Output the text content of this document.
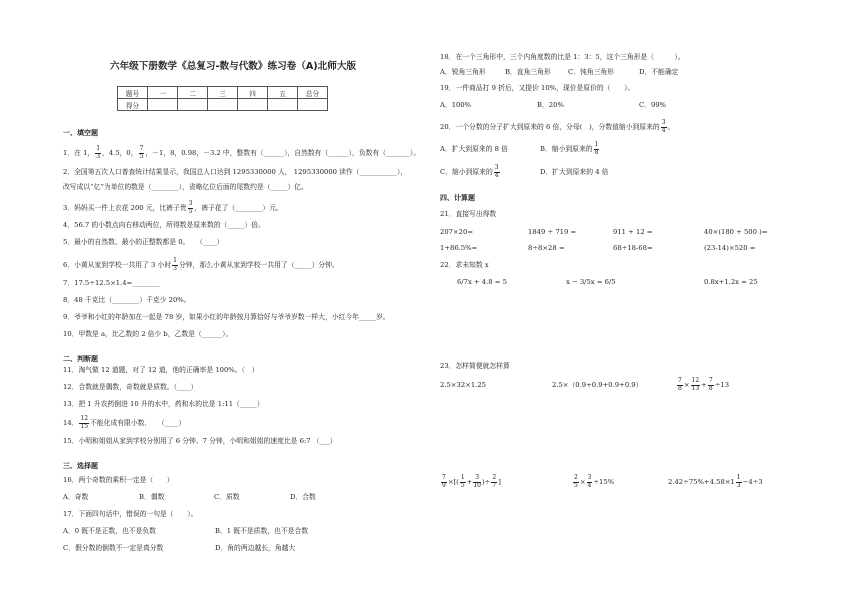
六年级下册数学《总复习-数与代数》练习卷（A)北师大版
题号	一	二	三	四	五	总分
得分						
一、填空题
1．在 1， $\frac{1}{3}$ ，4.5，0， $\frac{7}{5}$ ，－1，8，0.98，－3.2 中，整数有（______），自然数有（______），负数有（_______）。
2．全国第五次人口普查统计结果显示，我国总人口达到 1295330000 人， 1295330000 读作（___________），
改写成以“亿”为单位的数是（________），省略亿位后面的尾数约是（_____）亿。
3．妈妈买一件上衣花 200 元，比裤子贵 $\frac{3}{5}$ ，裤子花了（________）元。
4．56.7 的小数点向右移动两位，所得数是原来数的（_____）倍。
5．最小的自然数、最小的正整数都是 0。　　（____）
6．小黄从家到学校一共用了 3 小时 $\frac{1}{3}$ 分钟，那么小黄从家到学校一共用了（_____）分钟。
7．17.5÷12.5×1.4=________
8．48 千克比（________）千克少 20%。
9．爷爷和小红的年龄加在一起是 78 岁，如果小红的年龄按月算恰好与爷爷岁数一样大，小红今年_____岁。
10．甲数是 a，比乙数的 2 倍少 b，乙数是（______）。
二、判断题
11．淘气做 12 道题，对了 12 道，他的正确率是 100%。（　）
12．合数就是偶数，奇数就是质数。（____）
13．把 1 升农药倒进 10 升的水中，药和水的比是 1:11（_____）
14． $\frac{12}{15}$ 不能化成有限小数．　　（____）
15．小明和姐姐从家到学校分别用了 6 分钟、7 分钟，小明和姐姐的速度比是 6:7 （___）
三、选择题
16．两个奇数的乘积一定是（　　）
A．奇数	B．偶数	C．质数	D．合数
17．下面四句话中，错误的一句是（　　）。
A．0 既不是正数，也不是负数	B．1 既不是质数，也不是合数
C．假分数的倒数不一定是真分数	D．角的两边越长，角越大
18．在一个三角形中，三个内角度数的比是 1：3：5，这个三角形是（　　　）。
A．锐角三角形	B．直角三角形	C．钝角三角形	D．不能确定
19．一件商品打 9 折后，又提价 10%，现价是原价的（　　）。
A．100%	B．20%	C．99%
20．一个分数的分子扩大到原来的 6 倍，分母(　)，分数值缩小到原来的 $\frac{3}{4}$ 。
A．扩大到原来的 8 倍	B．缩小到原来的 $\frac{1}{8}$
C．缩小到原来的 $\frac{3}{4}$	D．扩大到原来的 4 倍
四、计算题
21．直接写出得数
207×20=	1849 ÷ 719 =	911 + 12 =	40×(180 + 500 )=
1+86.5%=	8÷8×28 =	68÷18-68=	(23-14)×520 =
22．求未知数 x
6/7x + 4.8 = 5	x − 3/5x = 6/5	0.8x+1.2x = 25
23．怎样简便就怎样算
2.5×32×1.25	2.5×（0.9+0.9+0.9+0.9）	$\frac{7}{8} \times \frac{12}{13} + \frac{7}{8} \div 13$
$\frac{7}{9}$ ×[( $\frac{1}{5} + \frac{3}{10}$ )÷ $\frac{2}{7}$ ]	$\frac{2}{5} \times \frac{3}{4} \div 15\%$	$2.42\div 75\%+4.58\times 1 \frac{1}{3} -4\div 3$
